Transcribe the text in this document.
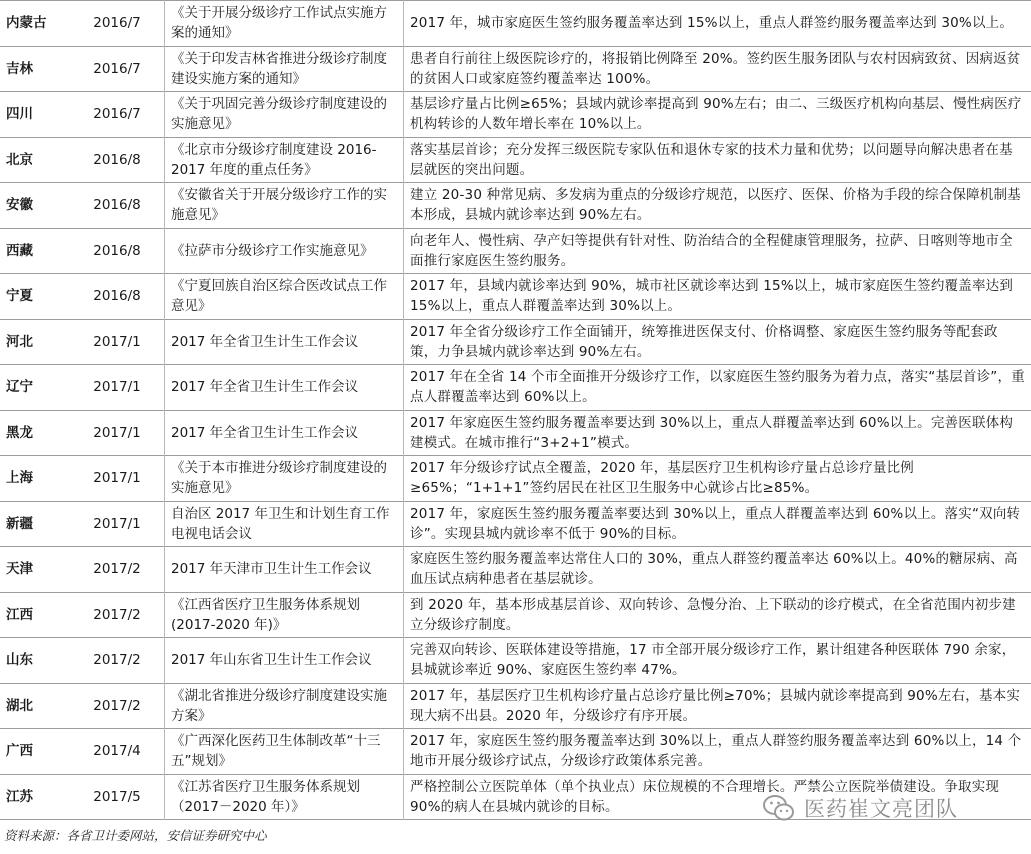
内蒙古	2016/7	《关于开展分级诊疗工作试点实施方案的通知》	2017 年，城市家庭医生签约服务覆盖率达到 15%以上，重点人群签约服务覆盖率达到 30%以上。
吉林	2016/7	《关于印发吉林省推进分级诊疗制度建设实施方案的通知》	患者自行前往上级医院诊疗的，将报销比例降至 20%。签约医生服务团队与农村因病致贫、因病返贫的贫困人口或家庭签约覆盖率达 100%。
四川	2016/7	《关于巩固完善分级诊疗制度建设的实施意见》	基层诊疗量占比例≥65%；县域内就诊率提高到 90%左右；由二、三级医疗机构向基层、慢性病医疗机构转诊的人数年增长率在 10%以上。
北京	2016/8	《北京市分级诊疗制度建设 2016-2017 年度的重点任务》	落实基层首诊；充分发挥三级医院专家队伍和退休专家的技术力量和优势；以问题导向解决患者在基层就医的突出问题。
安徽	2016/8	《安徽省关于开展分级诊疗工作的实施意见》	建立 20-30 种常见病、多发病为重点的分级诊疗规范，以医疗、医保、价格为手段的综合保障机制基本形成，县城内就诊率达到 90%左右。
西藏	2016/8	《拉萨市分级诊疗工作实施意见》	向老年人、慢性病、孕产妇等提供有针对性、防治结合的全程健康管理服务，拉萨、日喀则等地市全面推行家庭医生签约服务。
宁夏	2016/8	《宁夏回族自治区综合医改试点工作意见》	2017 年，县域内就诊率达到 90%，城市社区就诊率达到 15%以上，城市家庭医生签约覆盖率达到 15%以上，重点人群覆盖率达到 30%以上。
河北	2017/1	2017 年全省卫生计生工作会议	2017 年全省分级诊疗工作全面铺开，统筹推进医保支付、价格调整、家庭医生签约服务等配套政策，力争县城内就诊率达到 90%左右。
辽宁	2017/1	2017 年全省卫生计生工作会议	2017 年在全省 14 个市全面推开分级诊疗工作，以家庭医生签约服务为着力点，落实“基层首诊”，重点人群覆盖率达到 60%以上。
黑龙	2017/1	2017 年全省卫生计生工作会议	2017 年家庭医生签约服务覆盖率要达到 30%以上，重点人群覆盖率达到 60%以上。完善医联体构建模式。在城市推行“3+2+1”模式。
上海	2017/1	《关于本市推进分级诊疗制度建设的实施意见》	2017 年分级诊疗试点全覆盖，2020 年，基层医疗卫生机构诊疗量占总诊疗量比例≥65%；“1+1+1”签约居民在社区卫生服务中心就诊占比≥85%。
新疆	2017/1	自治区 2017 年卫生和计划生育工作电视电话会议	2017 年，家庭医生签约服务覆盖率要达到 30%以上，重点人群覆盖率达到 60%以上。落实“双向转诊”。实现县城内就诊率不低于 90%的目标。
天津	2017/2	2017 年天津市卫生计生工作会议	家庭医生签约服务覆盖率达常住人口的 30%，重点人群签约覆盖率达 60%以上。40%的糖尿病、高血压试点病种患者在基层就诊。
江西	2017/2	《江西省医疗卫生服务体系规划(2017-2020 年)》	到 2020 年，基本形成基层首诊、双向转诊、急慢分治、上下联动的诊疗模式，在全省范围内初步建立分级诊疗制度。
山东	2017/2	2017 年山东省卫生计生工作会议	完善双向转诊、医联体建设等措施，17 市全部开展分级诊疗工作，累计组建各种医联体 790 余家，县城就诊率近 90%、家庭医生签约率 47%。
湖北	2017/2	《湖北省推进分级诊疗制度建设实施方案》	2017 年，基层医疗卫生机构诊疗量占总诊疗量比例≥70%；县城内就诊率提高到 90%左右，基本实现大病不出县。2020 年，分级诊疗有序开展。
广西	2017/4	《广西深化医药卫生体制改革“十三五”规划》	2017 年，家庭医生签约服务覆盖率达到 30%以上，重点人群签约服务覆盖率达到 60%以上，14 个地市开展分级诊疗试点，分级诊疗政策体系完善。
江苏	2017/5	《江苏省医疗卫生服务体系规划（2017－2020 年）》	严格控制公立医院单体（单个执业点）床位规模的不合理增长。严禁公立医院举债建设。争取实现 90%的病人在县城内就诊的目标。
资料来源：各省卫计委网站，安信证券研究中心
医药崔文亮团队
